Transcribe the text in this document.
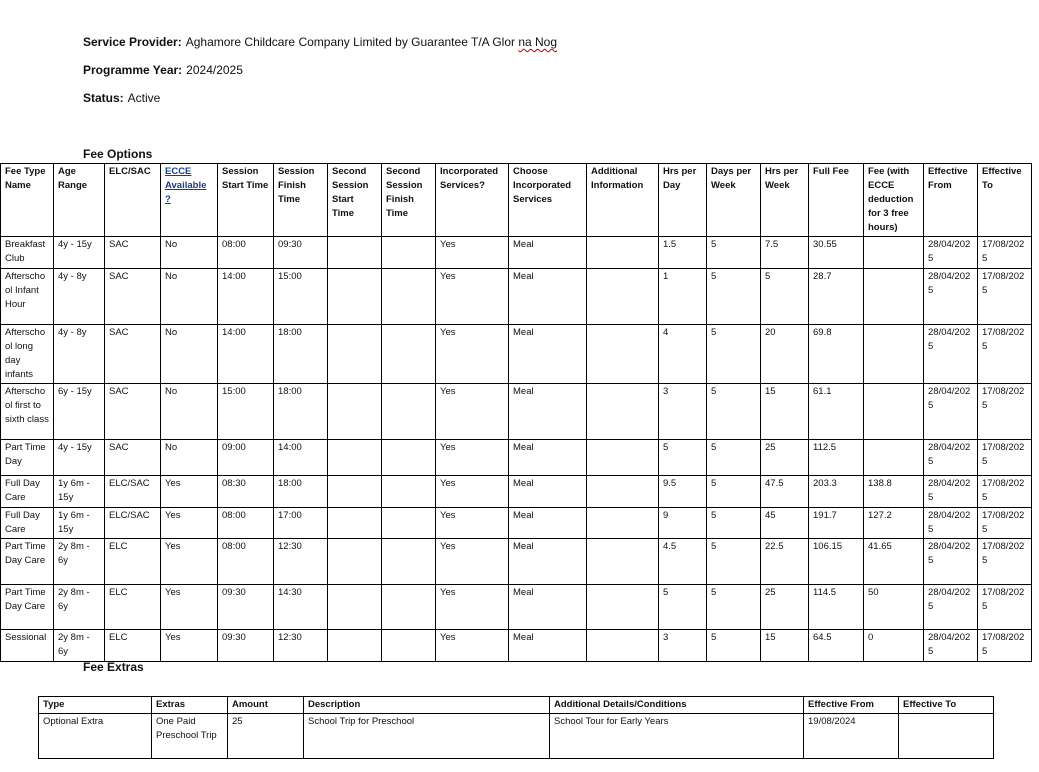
Service Provider: Aghamore Childcare Company Limited by Guarantee T/A Glor na Nog
Programme Year: 2024/2025
Status: Active
Fee Options
Fee Type Name	Age Range	ELC/SAC	ECCE Available ?	Session Start Time	Session Finish Time	Second Session Start Time	Second Session Finish Time	Incorporated Services?	Choose Incorporated Services	Additional Information	Hrs per Day	Days per Week	Hrs per Week	Full Fee	Fee (with ECCE deduction for 3 free hours)	Effective From	Effective To
Breakfast Club	4y - 15y	SAC	No	08:00	09:30			Yes	Meal		1.5	5	7.5	30.55		28/04/2025	17/08/2025
Afterschool Infant Hour	4y - 8y	SAC	No	14:00	15:00			Yes	Meal		1	5	5	28.7		28/04/2025	17/08/2025
Afterschool long day infants	4y - 8y	SAC	No	14:00	18:00			Yes	Meal		4	5	20	69.8		28/04/2025	17/08/2025
Afterschool first to sixth class	6y - 15y	SAC	No	15:00	18:00			Yes	Meal		3	5	15	61.1		28/04/2025	17/08/2025
Part Time Day	4y - 15y	SAC	No	09:00	14:00			Yes	Meal		5	5	25	112.5		28/04/2025	17/08/2025
Full Day Care	1y 6m - 15y	ELC/SAC	Yes	08:30	18:00			Yes	Meal		9.5	5	47.5	203.3	138.8	28/04/2025	17/08/2025
Full Day Care	1y 6m - 15y	ELC/SAC	Yes	08:00	17:00			Yes	Meal		9	5	45	191.7	127.2	28/04/2025	17/08/2025
Part Time Day Care	2y 8m - 6y	ELC	Yes	08:00	12:30			Yes	Meal		4.5	5	22.5	106.15	41.65	28/04/2025	17/08/2025
Part Time Day Care	2y 8m - 6y	ELC	Yes	09:30	14:30			Yes	Meal		5	5	25	114.5	50	28/04/2025	17/08/2025
Sessional	2y 8m - 6y	ELC	Yes	09:30	12:30			Yes	Meal		3	5	15	64.5	0	28/04/2025	17/08/2025
Fee Extras
Type	Extras	Amount	Description	Additional Details/Conditions	Effective From	Effective To
Optional Extra	One Paid Preschool Trip	25	School Trip for Preschool	School Tour for Early Years	19/08/2024	
